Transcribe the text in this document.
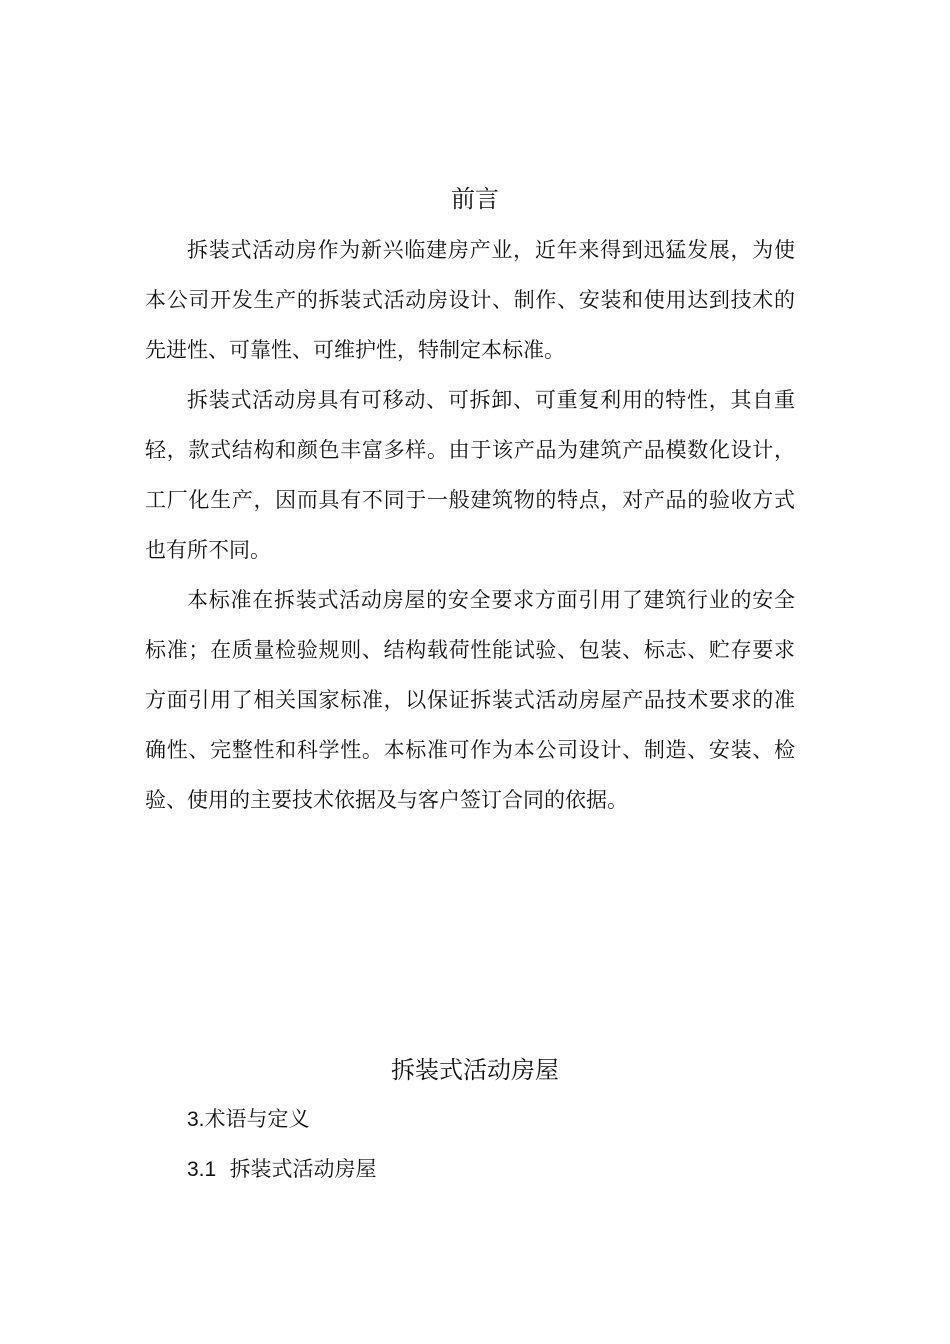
前言

拆装式活动房作为新兴临建房产业，近年来得到迅猛发展，为使本公司开发生产的拆装式活动房设计、制作、安装和使用达到技术的先进性、可靠性、可维护性，特制定本标准。

拆装式活动房具有可移动、可拆卸、可重复利用的特性，其自重轻，款式结构和颜色丰富多样。由于该产品为建筑产品模数化设计，工厂化生产，因而具有不同于一般建筑物的特点，对产品的验收方式也有所不同。

本标准在拆装式活动房屋的安全要求方面引用了建筑行业的安全标准；在质量检验规则、结构载荷性能试验、包装、标志、贮存要求方面引用了相关国家标准，以保证拆装式活动房屋产品技术要求的准确性、完整性和科学性。本标准可作为本公司设计、制造、安装、检验、使用的主要技术依据及与客户签订合同的依据。

拆装式活动房屋
3.术语与定义
3.1 拆装式活动房屋
